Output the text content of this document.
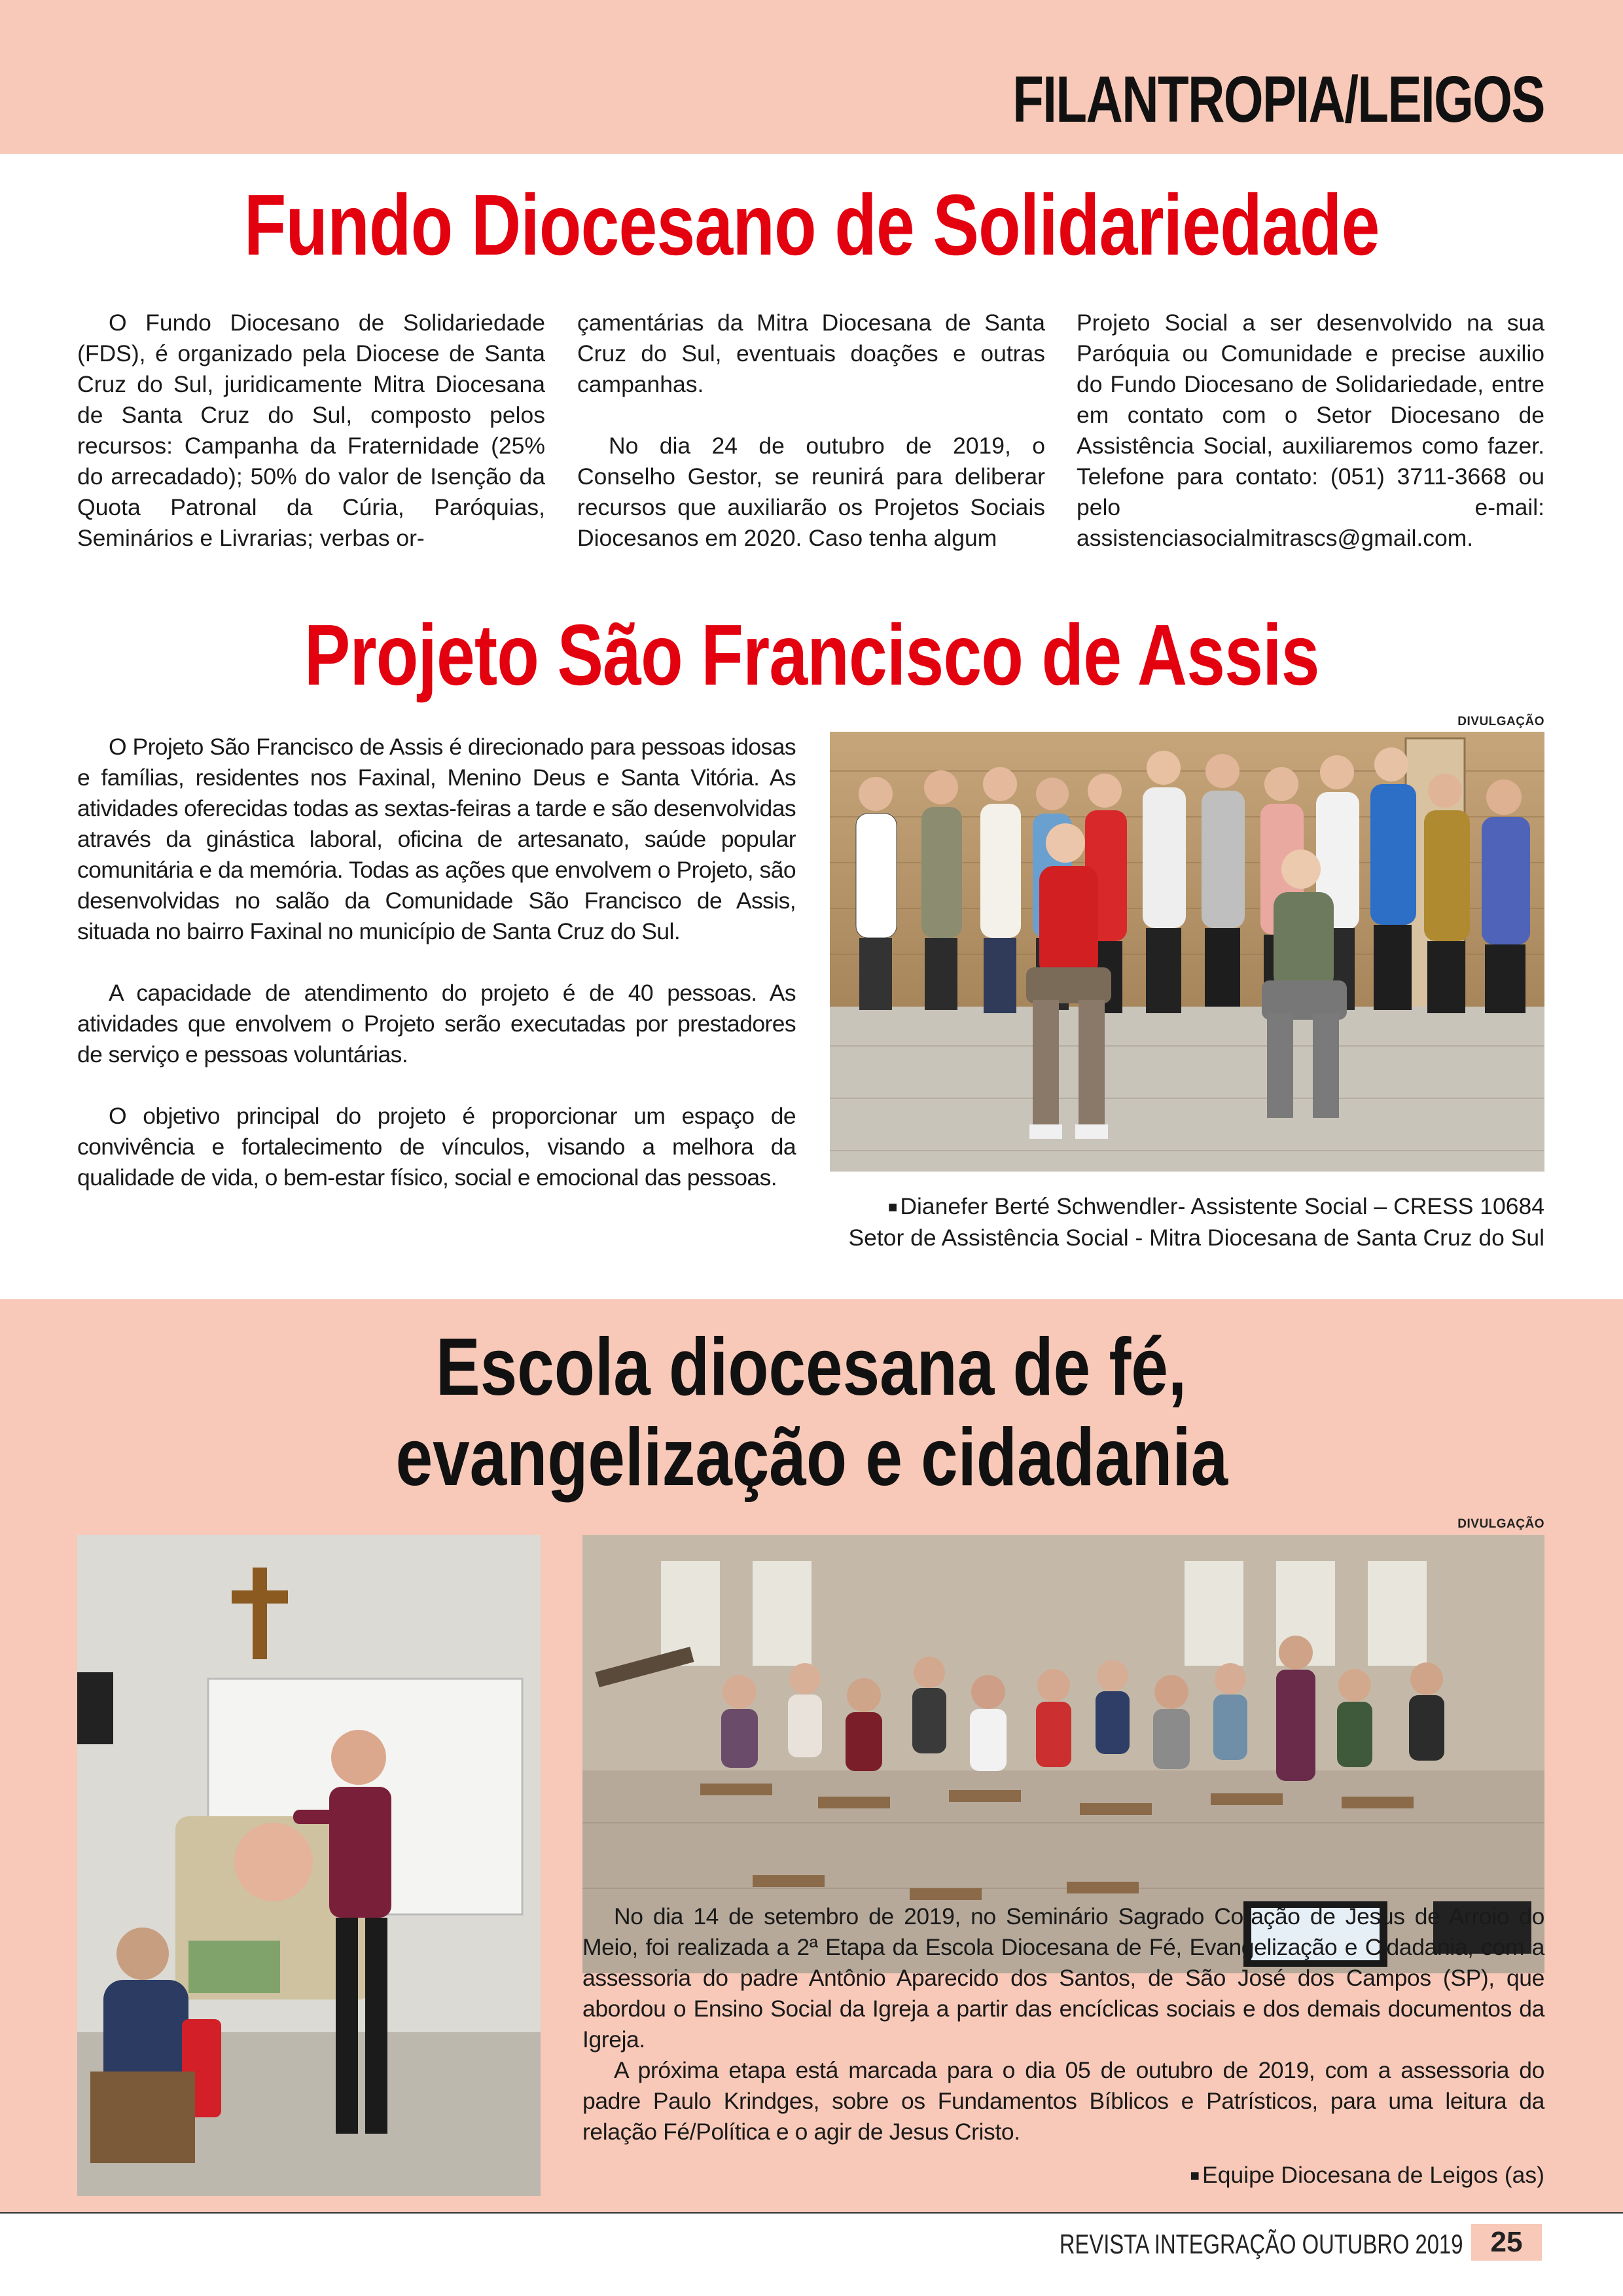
FILANTROPIA/LEIGOS
Fundo Diocesano de Solidariedade

O Fundo Diocesano de Solidariedade (FDS), é organizado pela Diocese de Santa Cruz do Sul, juridicamente Mitra Diocesana de Santa Cruz do Sul, composto pelos recursos: Campanha da Fraternidade (25% do arrecadado); 50% do valor de Isenção da Quota Patronal da Cúria, Paróquias, Seminários e Livrarias; verbas or-

çamentárias da Mitra Diocesana de Santa Cruz do Sul, eventuais doações e outras campanhas.

No dia 24 de outubro de 2019, o Conselho Gestor, se reunirá para deliberar recursos que auxiliarão os Projetos Sociais Diocesanos em 2020. Caso tenha algum

Projeto Social a ser desenvolvido na sua Paróquia ou Comunidade e precise auxilio do Fundo Diocesano de Solidariedade, entre em contato com o Setor Diocesano de Assistência Social, auxiliaremos como fazer. Telefone para contato: (051) 3711-3668 ou pelo e-mail: assistenciasocialmitrascs@gmail.com.

Projeto São Francisco de Assis

O Projeto São Francisco de Assis é direcionado para pessoas idosas e famílias, residentes nos Faxinal, Menino Deus e Santa Vitória. As atividades oferecidas todas as sextas-feiras a tarde e são desenvolvidas através da ginástica laboral, oficina de artesanato, saúde popular comunitária e da memória. Todas as ações que envolvem o Projeto, são desenvolvidas no salão da Comunidade São Francisco de Assis, situada no bairro Faxinal no município de Santa Cruz do Sul.

A capacidade de atendimento do projeto é de 40 pessoas. As atividades que envolvem o Projeto serão executadas por prestadores de serviço e pessoas voluntárias.

O objetivo principal do projeto é proporcionar um espaço de convivência e fortalecimento de vínculos, visando a melhora da qualidade de vida, o bem-estar físico, social e emocional das pessoas.

DIVULGAÇÃO
■ Dianefer Berté Schwendler- Assistente Social – CRESS 10684
Setor de Assistência Social - Mitra Diocesana de Santa Cruz do Sul
Escola diocesana de fé,
evangelização e cidadania
DIVULGAÇÃO

No dia 14 de setembro de 2019, no Seminário Sagrado Coração de Jesus de Arroio do Meio, foi realizada a 2ª Etapa da Escola Diocesana de Fé, Evangelização e Cidadania, com a assessoria do padre Antônio Aparecido dos Santos, de São José dos Campos (SP), que abordou o Ensino Social da Igreja a partir das encíclicas sociais e dos demais documentos da Igreja.

A próxima etapa está marcada para o dia 05 de outubro de 2019, com a assessoria do padre Paulo Krindges, sobre os Fundamentos Bíblicos e Patrísticos, para uma leitura da relação Fé/Política e o agir de Jesus Cristo.

■ Equipe Diocesana de Leigos (as)
REVISTA INTEGRAÇÃO OUTUBRO 2019 25
